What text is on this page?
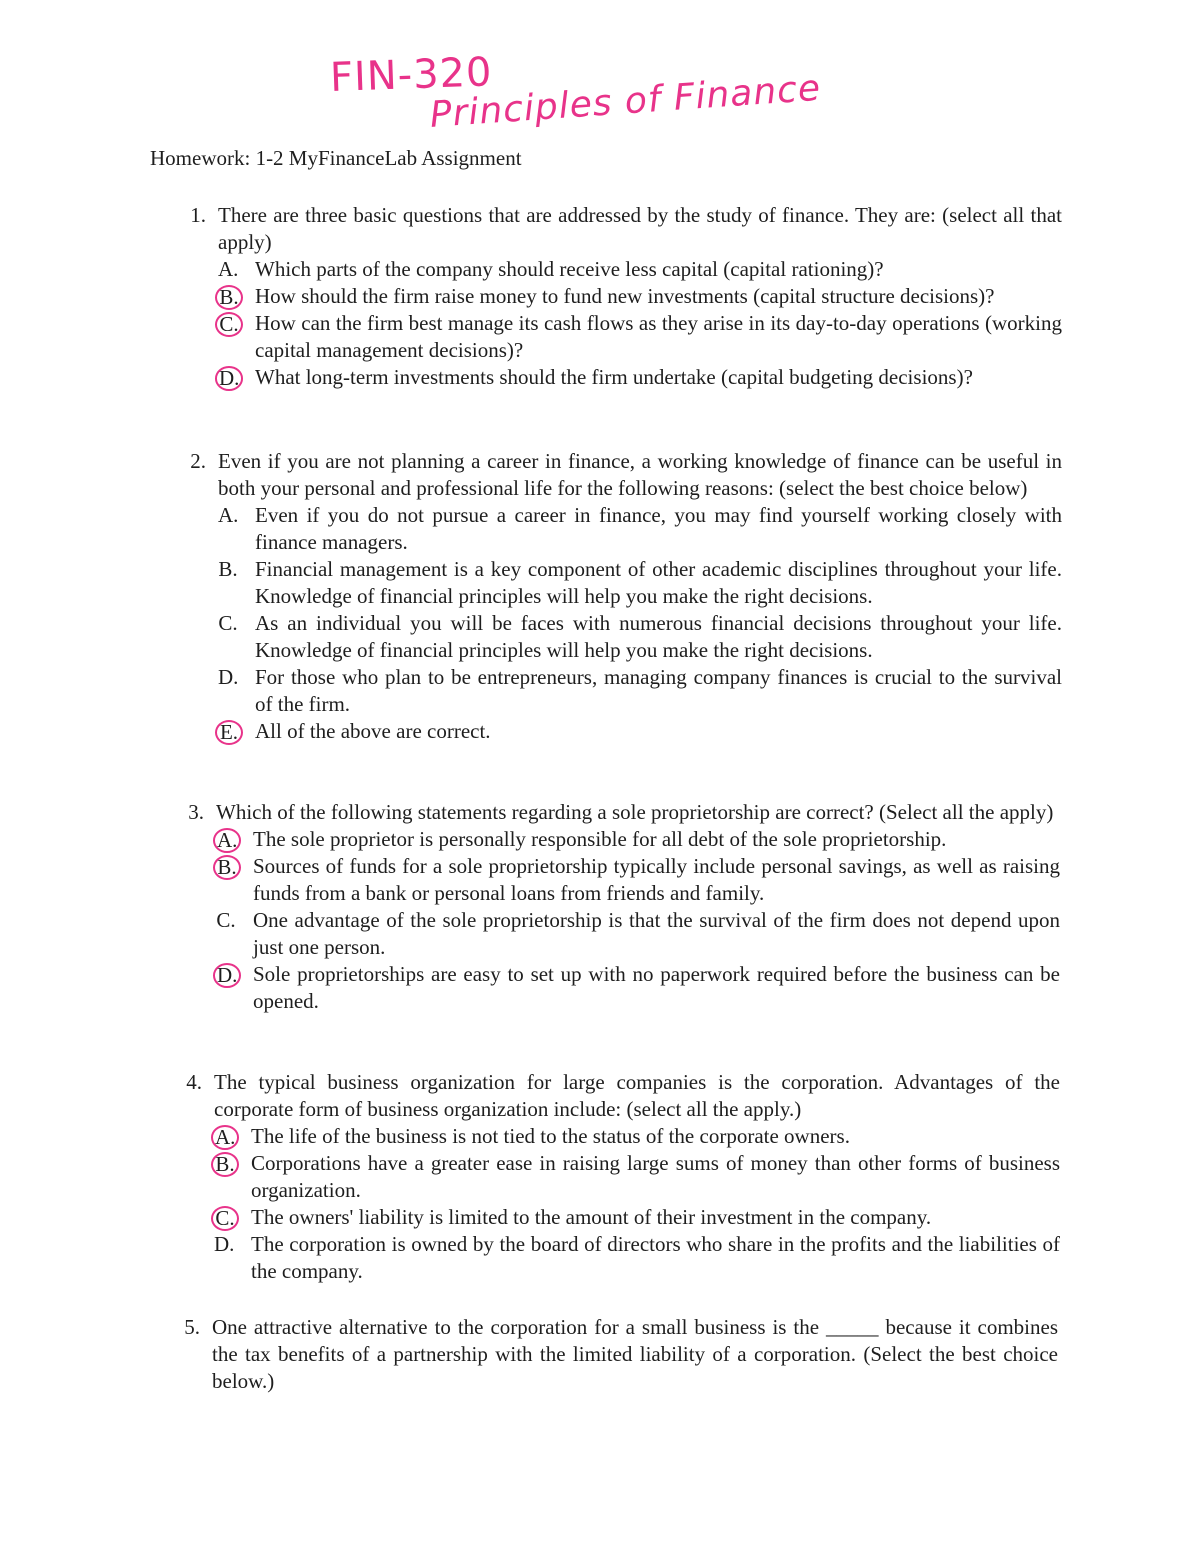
FIN-320
Principles of Finance
Homework: 1-2 MyFinanceLab Assignment
1. There are three basic questions that are addressed by the study of finance. They are: (select all that apply)
A. Which parts of the company should receive less capital (capital rationing)?
B. How should the firm raise money to fund new investments (capital structure decisions)?
C. How can the firm best manage its cash flows as they arise in its day-to-day operations (working capital management decisions)?
D. What long-term investments should the firm undertake (capital budgeting decisions)?
2. Even if you are not planning a career in finance, a working knowledge of finance can be useful in both your personal and professional life for the following reasons: (select the best choice below)
A. Even if you do not pursue a career in finance, you may find yourself working closely with finance managers.
B. Financial management is a key component of other academic disciplines throughout your life. Knowledge of financial principles will help you make the right decisions.
C. As an individual you will be faces with numerous financial decisions throughout your life. Knowledge of financial principles will help you make the right decisions.
D. For those who plan to be entrepreneurs, managing company finances is crucial to the survival of the firm.
E. All of the above are correct.
3. Which of the following statements regarding a sole proprietorship are correct? (Select all the apply)
A. The sole proprietor is personally responsible for all debt of the sole proprietorship.
B. Sources of funds for a sole proprietorship typically include personal savings, as well as raising funds from a bank or personal loans from friends and family.
C. One advantage of the sole proprietorship is that the survival of the firm does not depend upon just one person.
D. Sole proprietorships are easy to set up with no paperwork required before the business can be opened.
4. The typical business organization for large companies is the corporation. Advantages of the corporate form of business organization include: (select all the apply.)
A. The life of the business is not tied to the status of the corporate owners.
B. Corporations have a greater ease in raising large sums of money than other forms of business organization.
C. The owners' liability is limited to the amount of their investment in the company.
D. The corporation is owned by the board of directors who share in the profits and the liabilities of the company.
5. One attractive alternative to the corporation for a small business is the _____ because it combines the tax benefits of a partnership with the limited liability of a corporation. (Select the best choice below.)
